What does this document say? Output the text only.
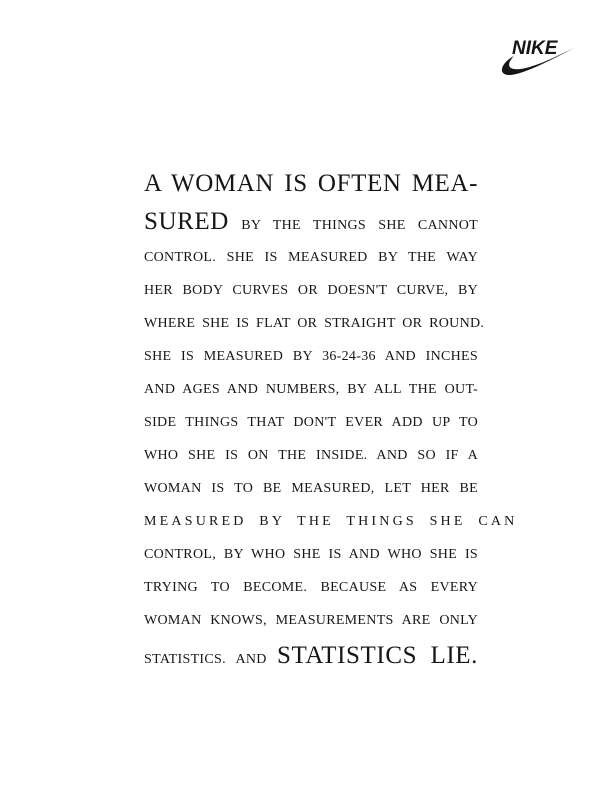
NIKE
A WOMAN IS OFTEN MEA-
SURED BY THE THINGS SHE CANNOT
CONTROL. SHE IS MEASURED BY THE WAY
HER BODY CURVES OR DOESN'T CURVE, BY
WHERE SHE IS FLAT OR STRAIGHT OR ROUND.
SHE IS MEASURED BY 36-24-36 AND INCHES
AND AGES AND NUMBERS, BY ALL THE OUT-
SIDE THINGS THAT DON'T EVER ADD UP TO
WHO SHE IS ON THE INSIDE. AND SO IF A
WOMAN IS TO BE MEASURED, LET HER BE
MEASURED BY THE THINGS SHE CAN
CONTROL, BY WHO SHE IS AND WHO SHE IS
TRYING TO BECOME. BECAUSE AS EVERY
WOMAN KNOWS, MEASUREMENTS ARE ONLY
STATISTICS. AND STATISTICS LIE.
